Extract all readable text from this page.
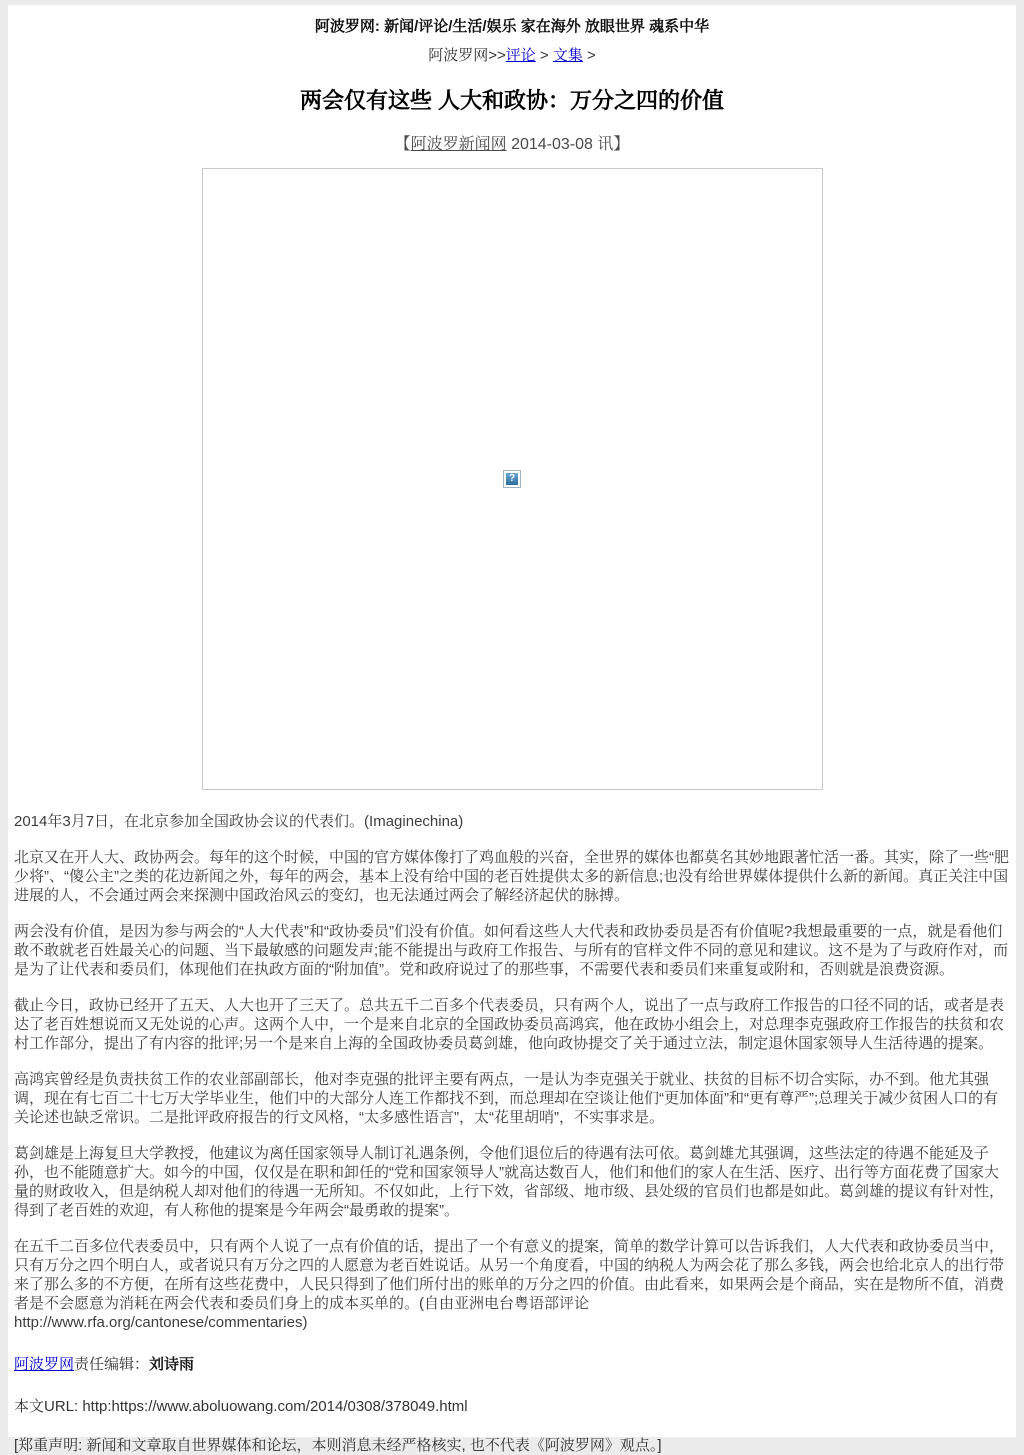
阿波罗网: 新闻/评论/生活/娱乐 家在海外 放眼世界 魂系中华
阿波罗网>>评论 > 文集 >
两会仅有这些 人大和政协：万分之四的价值
【阿波罗新闻网 2014-03-08 讯】
?

2014年3月7日，在北京参加全国政协会议的代表们。(Imaginechina)

北京又在开人大、政协两会。每年的这个时候，中国的官方媒体像打了鸡血般的兴奋，全世界的媒体也都莫名其妙地跟著忙活一番。其实，除了一些“肥少将”、“傻公主”之类的花边新闻之外，每年的两会，基本上没有给中国的老百姓提供太多的新信息;也没有给世界媒体提供什么新的新闻。真正关注中国进展的人，不会通过两会来探测中国政治风云的变幻，也无法通过两会了解经济起伏的脉搏。

两会没有价值，是因为参与两会的“人大代表”和“政协委员”们没有价值。如何看这些人大代表和政协委员是否有价值呢?我想最重要的一点，就是看他们敢不敢就老百姓最关心的问题、当下最敏感的问题发声;能不能提出与政府工作报告、与所有的官样文件不同的意见和建议。这不是为了与政府作对，而是为了让代表和委员们，体现他们在执政方面的“附加值”。党和政府说过了的那些事，不需要代表和委员们来重复或附和，否则就是浪费资源。

截止今日，政协已经开了五天、人大也开了三天了。总共五千二百多个代表委员，只有两个人，说出了一点与政府工作报告的口径不同的话，或者是表达了老百姓想说而又无处说的心声。这两个人中，一个是来自北京的全国政协委员高鸿宾，他在政协小组会上，对总理李克强政府工作报告的扶贫和农村工作部分，提出了有内容的批评;另一个是来自上海的全国政协委员葛剑雄，他向政协提交了关于通过立法，制定退休国家领导人生活待遇的提案。

高鸿宾曾经是负责扶贫工作的农业部副部长，他对李克强的批评主要有两点，一是认为李克强关于就业、扶贫的目标不切合实际，办不到。他尤其强调，现在有七百二十七万大学毕业生，他们中的大部分人连工作都找不到，而总理却在空谈让他们“更加体面”和“更有尊严”;总理关于减少贫困人口的有关论述也缺乏常识。二是批评政府报告的行文风格，“太多感性语言”，太“花里胡哨”，不实事求是。

葛剑雄是上海复旦大学教授，他建议为离任国家领导人制订礼遇条例，令他们退位后的待遇有法可依。葛剑雄尤其强调，这些法定的待遇不能延及子孙，也不能随意扩大。如今的中国，仅仅是在职和卸任的“党和国家领导人”就高达数百人，他们和他们的家人在生活、医疗、出行等方面花费了国家大量的财政收入，但是纳税人却对他们的待遇一无所知。不仅如此，上行下效，省部级、地市级、县处级的官员们也都是如此。葛剑雄的提议有针对性，得到了老百姓的欢迎，有人称他的提案是今年两会“最勇敢的提案”。

在五千二百多位代表委员中，只有两个人说了一点有价值的话，提出了一个有意义的提案，简单的数学计算可以告诉我们，人大代表和政协委员当中，只有万分之四个明白人，或者说只有万分之四的人愿意为老百姓说话。从另一个角度看，中国的纳税人为两会花了那么多钱，两会也给北京人的出行带来了那么多的不方便，在所有这些花费中，人民只得到了他们所付出的账单的万分之四的价值。由此看来，如果两会是个商品，实在是物所不值，消费者是不会愿意为消耗在两会代表和委员们身上的成本买单的。(自由亚洲电台粤语部评论
http://www.rfa.org/cantonese/commentaries)

阿波罗网责任编辑：刘诗雨

本文URL: http:https://www.aboluowang.com/2014/0308/378049.html

[郑重声明: 新闻和文章取自世界媒体和论坛，本则消息未经严格核实, 也不代表《阿波罗网》观点。]
